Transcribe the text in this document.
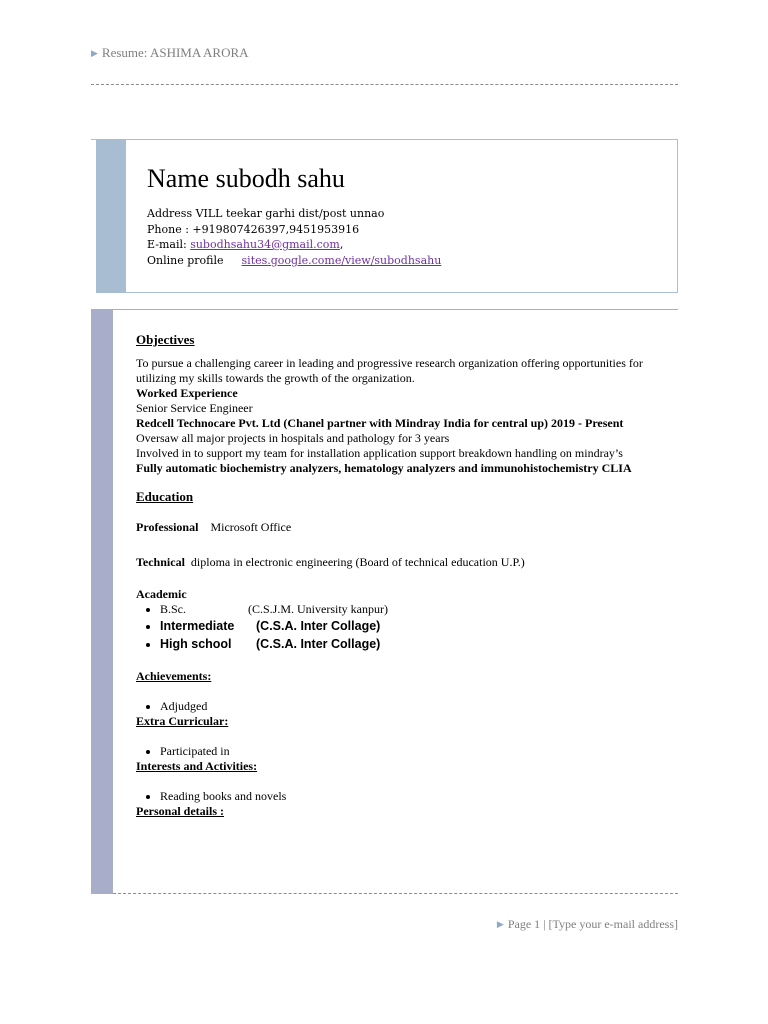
▶ Resume: ASHIMA ARORA
Name subodh sahu
Address VILL teekar garhi dist/post unnao
Phone : +919807426397,9451953916
E-mail: subodhsahu34@gmail.com,
Online profile sites.google.come/view/subodhsahu
Objectives
To pursue a challenging career in leading and progressive research organization offering opportunities for utilizing my skills towards the growth of the organization.
Worked Experience
Senior Service Engineer
Redcell Technocare Pvt. Ltd (Chanel partner with Mindray India for central up) 2019 - Present
Oversaw all major projects in hospitals and pathology for 3 years
Involved in to support my team for installation application support breakdown handling on mindray’s
Fully automatic biochemistry analyzers, hematology analyzers and immunohistochemistry CLIA
Education
Professional Microsoft Office
Technical diploma in electronic engineering (Board of technical education U.P.)
Academic
• B.Sc.	(C.S.J.M. University kanpur)
• Intermediate (C.S.A. Inter Collage)
• High school (C.S.A. Inter Collage)
Achievements:
• Adjudged
Extra Curricular:
• Participated in
Interests and Activities:
• Reading books and novels
Personal details :
▶ Page 1 | [Type your e-mail address]
